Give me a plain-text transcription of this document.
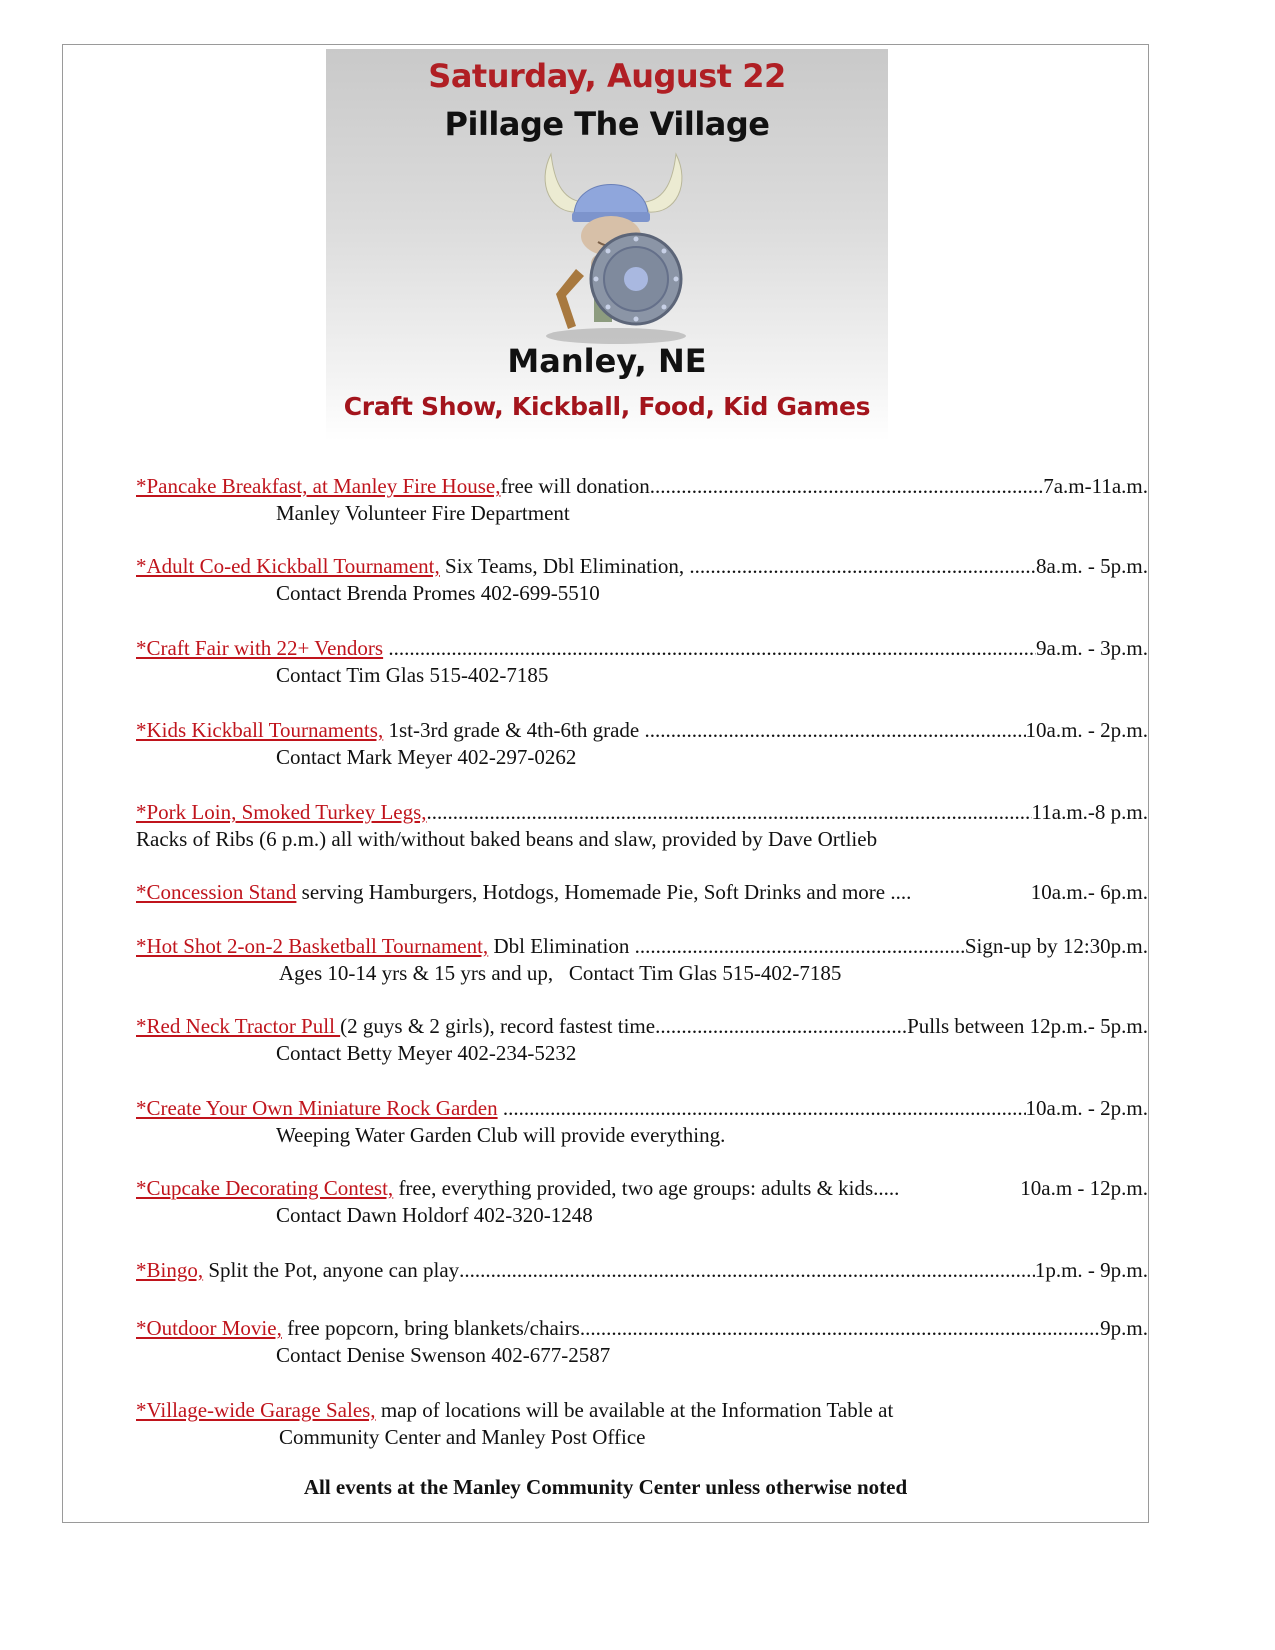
Saturday, August 22
Pillage The Village
Manley, NE
Craft Show, Kickball, Food, Kid Games
*Pancake Breakfast, at Manley Fire House, free will donation .....	7a.m-11a.m.
Manley Volunteer Fire Department
*Adult Co-ed Kickball Tournament, Six Teams, Dbl Elimination, .....	8a.m. - 5p.m.
Contact Brenda Promes 402-699-5510
*Craft Fair with 22+ Vendors
.....	9a.m. - 3p.m.
Contact Tim Glas 515-402-7185
*Kids Kickball Tournaments, 1st-3rd grade & 4th-6th grade .....	10a.m. - 2p.m.
Contact Mark Meyer 402-297-0262
*Pork Loin, Smoked Turkey Legs, .....	11a.m.-8 p.m.
Racks of Ribs (6 p.m.) all with/without baked beans and slaw, provided by Dave Ortlieb
*Concession Stand serving Hamburgers, Hotdogs, Homemade Pie, Soft Drinks and more ....	10a.m.- 6p.m.
*Hot Shot 2-on-2 Basketball Tournament, Dbl Elimination .....	Sign-up by 12:30p.m.
Ages 10-14 yrs & 15 yrs and up,   Contact Tim Glas 515-402-7185
*Red Neck Tractor Pull (2 guys & 2 girls), record fastest time .....	Pulls between 12p.m.- 5p.m.
Contact Betty Meyer 402-234-5232
*Create Your Own Miniature Rock Garden
.....	10a.m. - 2p.m.
Weeping Water Garden Club will provide everything.
*Cupcake Decorating Contest, free, everything provided, two age groups: adults & kids.....	10a.m - 12p.m.
Contact Dawn Holdorf 402-320-1248
*Bingo, Split the Pot, anyone can play .....	1p.m. - 9p.m.
*Outdoor Movie, free popcorn, bring blankets/chairs .....	9p.m.
Contact Denise Swenson 402-677-2587
*Village-wide Garage Sales, map of locations will be available at the Information Table at
Community Center and Manley Post Office
All events at the Manley Community Center unless otherwise noted
